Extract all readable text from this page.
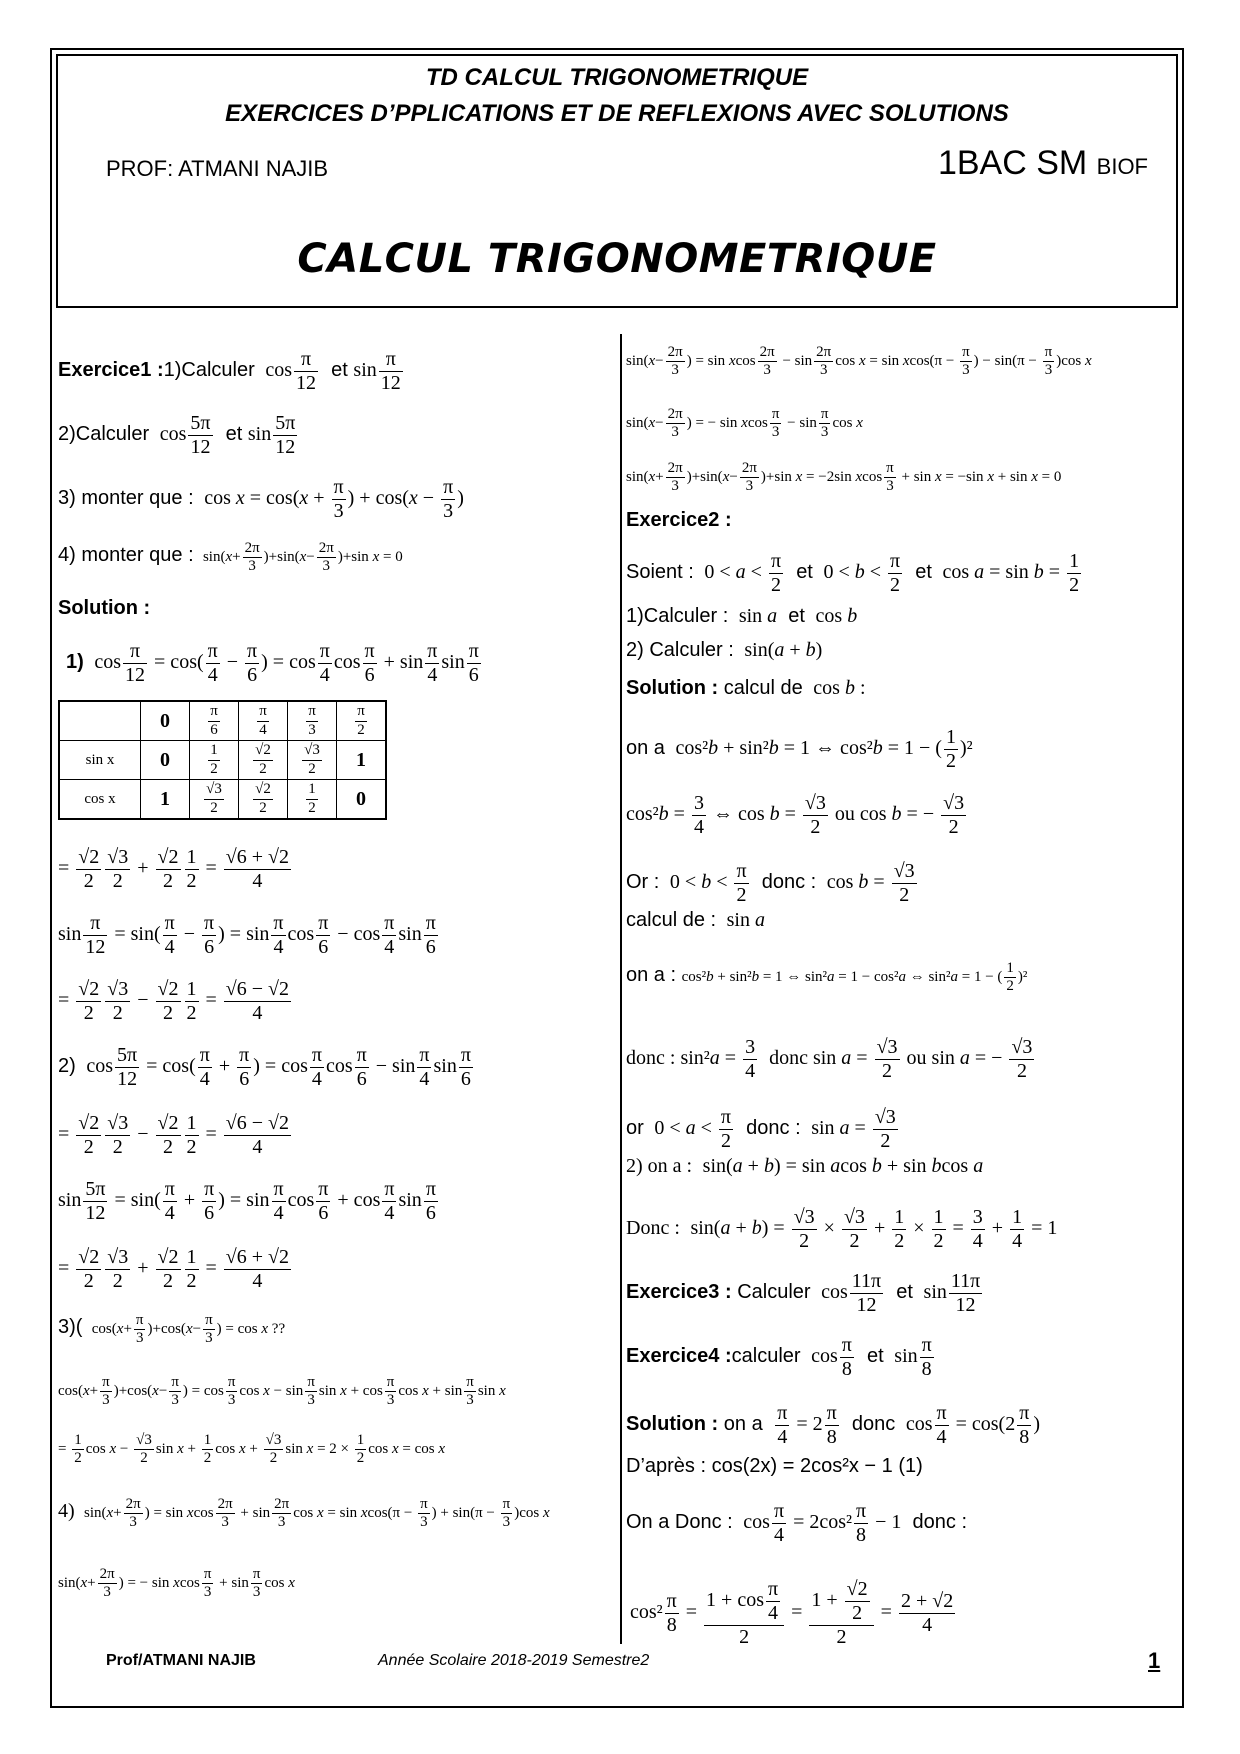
TD CALCUL TRIGONOMETRIQUE
EXERCICES D’PPLICATIONS ET DE REFLEXIONS AVEC SOLUTIONS
PROF: ATMANI NAJIB	1BAC SM BIOF
CALCUL TRIGONOMETRIQUE
Exercice1 :1)Calculer  $\cos \frac{\pi}{12}$ et $\sin \frac{\pi}{12}$
2)Calculer  $\cos \frac{5\pi}{12}$ et $\sin \frac{5\pi}{12}$
3) monter que :  $\cos x = \cos(x + \frac{\pi}{3}$ ) + $\cos(x - \frac{\pi}{3}$ )
4) monter que :  $\sin(x+ \frac{2\pi}{3} )+\sin(x- \frac{2\pi}{3} )+\sin$ x = 0
Solution :
1)  $\cos \frac{\pi}{12} = \cos( \frac{\pi}{4} - \frac{\pi}{6}$ ) = $\cos \frac{\pi}{4}$ $\cos \frac{\pi}{6} + \sin \frac{\pi}{4}$ $\sin \frac{\pi}{6}$
	0	$\frac{\pi}{6}$	$\frac{\pi}{4}$	$\frac{\pi}{3}$	$\frac{\pi}{2}$

sin x	0	$\frac{1}{2}$	$\frac{√2}{2}$	$\frac{√3}{2}$	1
cos x	1	$\frac{√3}{2}$	$\frac{√2}{2}$	$\frac{1}{2}$	0
= $\frac{√2}{2} \frac{√3}{2} + \frac{√2}{2} \frac{1}{2} = \frac{√6 + √2}{4}$
$\sin \frac{\pi}{12} = \sin( \frac{\pi}{4} - \frac{\pi}{6}$ ) = $\sin \frac{\pi}{4}$ $\cos \frac{\pi}{6} - \cos \frac{\pi}{4}$ $\sin \frac{\pi}{6}$
= $\frac{√2}{2} \frac{√3}{2} - \frac{√2}{2} \frac{1}{2} = \frac{√6 - √2}{4}$
2)  $\cos \frac{5\pi}{12} = \cos( \frac{\pi}{4} + \frac{\pi}{6}$ ) = $\cos \frac{\pi}{4}$ $\cos \frac{\pi}{6} - \sin \frac{\pi}{4}$ $\sin \frac{\pi}{6}$
= $\frac{√2}{2} \frac{√3}{2} - \frac{√2}{2} \frac{1}{2} = \frac{√6 - √2}{4}$
$\sin \frac{5\pi}{12} = \sin( \frac{\pi}{4} + \frac{\pi}{6}$ ) = $\sin \frac{\pi}{4}$ $\cos \frac{\pi}{6} + \cos \frac{\pi}{4}$ $\sin \frac{\pi}{6}$
= $\frac{√2}{2} \frac{√3}{2} + \frac{√2}{2} \frac{1}{2} = \frac{√6 + √2}{4}$
3)(  $\cos(x+ \frac{\pi}{3} )+\cos(x- \frac{\pi}{3}$ ) = cos x ??
$\cos(x+ \frac{\pi}{3} )+\cos(x- \frac{\pi}{3}$ ) = $\cos \frac{\pi}{3}$ $\cos x - \sin \frac{\pi}{3}$ $\sin x + \cos \frac{\pi}{3}$ $\cos x + \sin \frac{\pi}{3}$ sin x
= $\frac{1}{2}$ $\cos x - \frac{√3}{2}$ $\sin x + \frac{1}{2}$ $\cos x + \frac{√3}{2}$ $\sin x = 2 \times \frac{1}{2}$ cos x = cos x
4)  $\sin(x+ \frac{2\pi}{3}$ ) = sin xcos $\frac{2\pi}{3} + \sin \frac{2\pi}{3}$ $\cos x = \sin xcos(\pi - \frac{\pi}{3}$ ) + $\sin(\pi - \frac{\pi}{3} )\cos$ x
$\sin(x+ \frac{2\pi}{3}$ ) = − sin xcos $\frac{\pi}{3} + \sin \frac{\pi}{3}$ cos x
$\sin(x- \frac{2\pi}{3}$ ) = sin xcos $\frac{2\pi}{3} - \sin \frac{2\pi}{3}$ $\cos x = \sin xcos(\pi - \frac{\pi}{3}$ ) − $\sin(\pi - \frac{\pi}{3} )\cos$ x
$\sin(x- \frac{2\pi}{3}$ ) = − sin xcos $\frac{\pi}{3} - \sin \frac{\pi}{3}$ cos x
$\sin(x+ \frac{2\pi}{3} )+\sin(x- \frac{2\pi}{3} )+\sin$ x = −2sin xcos $\frac{\pi}{3} + \sin x = -\sin$ x + sin x = 0
Exercice2 :
Soient :  $0 < a < \frac{\pi}{2}$ et  $0 < b < \frac{\pi}{2}$ et  $\cos a = \sin b = \frac{1}{2}$
1)Calculer :  sin a et  cos b
2) Calculer :  sin(a + b)
Solution : calcul de  cos b :
on a  cos²b + sin²b = 1 ⇔ cos²b = 1 − ( $\frac{1}{2} )^2$
$\cos^2b = \frac{3}{4}$ ⇔ $\cos b = \frac{√3}{2}$ ou cos b = − $\frac{√3}{2}$
Or :  $0 < b < \frac{\pi}{2}$ donc :  $\cos b = \frac{√3}{2}$
calcul de :  sin a
on a : cos²b + sin²b = 1 ⇔ sin²a = 1 − cos²a ⇔ sin²a = 1 − ( $\frac{1}{2} )^2$
donc : $\sin^2a = \frac{3}{4}$ donc $\sin a = \frac{√3}{2}$ ou sin a = − $\frac{√3}{2}$
or  $0 < a < \frac{\pi}{2}$ donc :  $\sin a = \frac{√3}{2}$
2) on a :  sin(a + b) = sin acos b + sin bcos a
Donc :  $\sin(a + b) = \frac{√3}{2} \times \frac{√3}{2} + \frac{1}{2} \times \frac{1}{2} = \frac{3}{4} + \frac{1}{4} = 1$
Exercice3 : Calculer  $\cos \frac{11\pi}{12}$ et  $\sin \frac{11\pi}{12}$
Exercice4 :calculer  $\cos \frac{\pi}{8}$ et  $\sin \frac{\pi}{8}$
Solution : on a $\frac{\pi}{4} = 2 \frac{\pi}{8}$ donc  $\cos \frac{\pi}{4} = \cos(2 \frac{\pi}{8}$ )
D’après : cos(2x) = 2cos²x − 1 (1)
On a Donc :  $\cos \frac{\pi}{4} = 2\cos^2 \frac{\pi}{8} - 1$ donc :
$\cos^2 \frac{\pi}{8} = \frac{1 + \cos \frac{\pi}{4}}{2} = \frac{1 + \frac{√2}{2}}{2} = \frac{2 + √2}{4}$
Prof/ATMANI NAJIB	Année Scolaire 2018-2019 Semestre2	1
